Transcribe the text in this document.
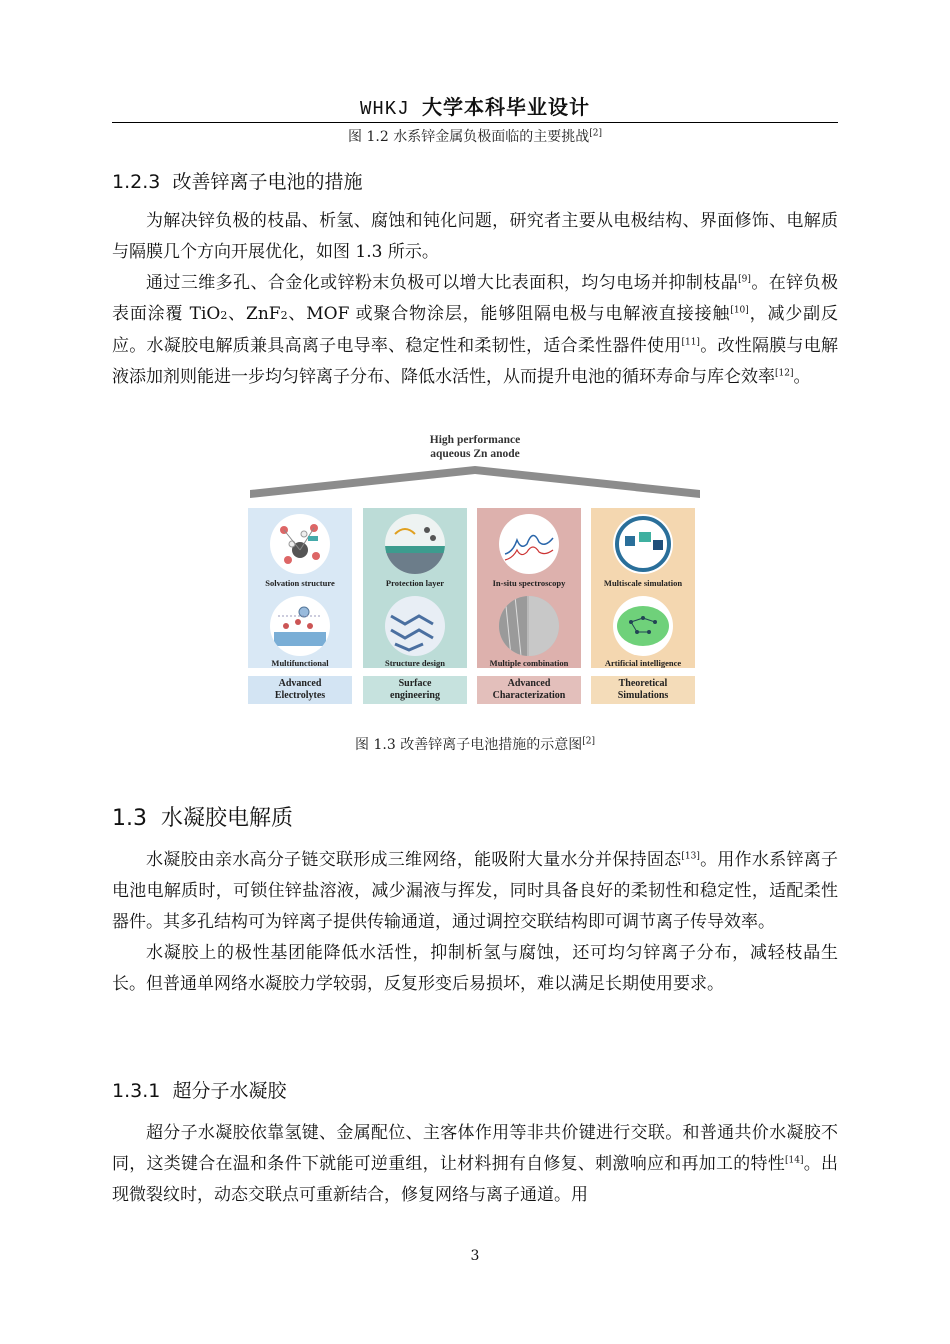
WHKJ 大学本科毕业设计
图 1.2 水系锌金属负极面临的主要挑战[2]
1.2.3 改善锌离子电池的措施

为解决锌负极的枝晶、析氢、腐蚀和钝化问题，研究者主要从电极结构、界面修饰、电解质与隔膜几个方向开展优化，如图 1.3 所示。

通过三维多孔、合金化或锌粉末负极可以增大比表面积，均匀电场并抑制枝晶[9]。在锌负极表面涂覆 TiO2、ZnF2、MOF 或聚合物涂层，能够阻隔电极与电解液直接接触[10]，减少副反应。水凝胶电解质兼具高离子电导率、稳定性和柔韧性，适合柔性器件使用[11]。改性隔膜与电解液添加剂则能进一步均匀锌离子分布、降低水活性，从而提升电池的循环寿命与库仑效率[12]。

High performance
aqueous Zn anode
Solvation structure
Multifunctional
Advanced
Electrolytes
Protection layer
Structure design
Surface
engineering
In-situ spectroscopy
Multiple combination
Advanced
Characterization
Multiscale simulation
Artificial intelligence
Theoretical
Simulations
图 1.3 改善锌离子电池措施的示意图[2]
1.3 水凝胶电解质

水凝胶由亲水高分子链交联形成三维网络，能吸附大量水分并保持固态[13]。用作水系锌离子电池电解质时，可锁住锌盐溶液，减少漏液与挥发，同时具备良好的柔韧性和稳定性，适配柔性器件。其多孔结构可为锌离子提供传输通道，通过调控交联结构即可调节离子传导效率。

水凝胶上的极性基团能降低水活性，抑制析氢与腐蚀，还可均匀锌离子分布，减轻枝晶生长。但普通单网络水凝胶力学较弱，反复形变后易损坏，难以满足长期使用要求。

1.3.1 超分子水凝胶

超分子水凝胶依靠氢键、金属配位、主客体作用等非共价键进行交联。和普通共价水凝胶不同，这类键合在温和条件下就能可逆重组，让材料拥有自修复、刺激响应和再加工的特性[14]。出现微裂纹时，动态交联点可重新结合，修复网络与离子通道。用

3
